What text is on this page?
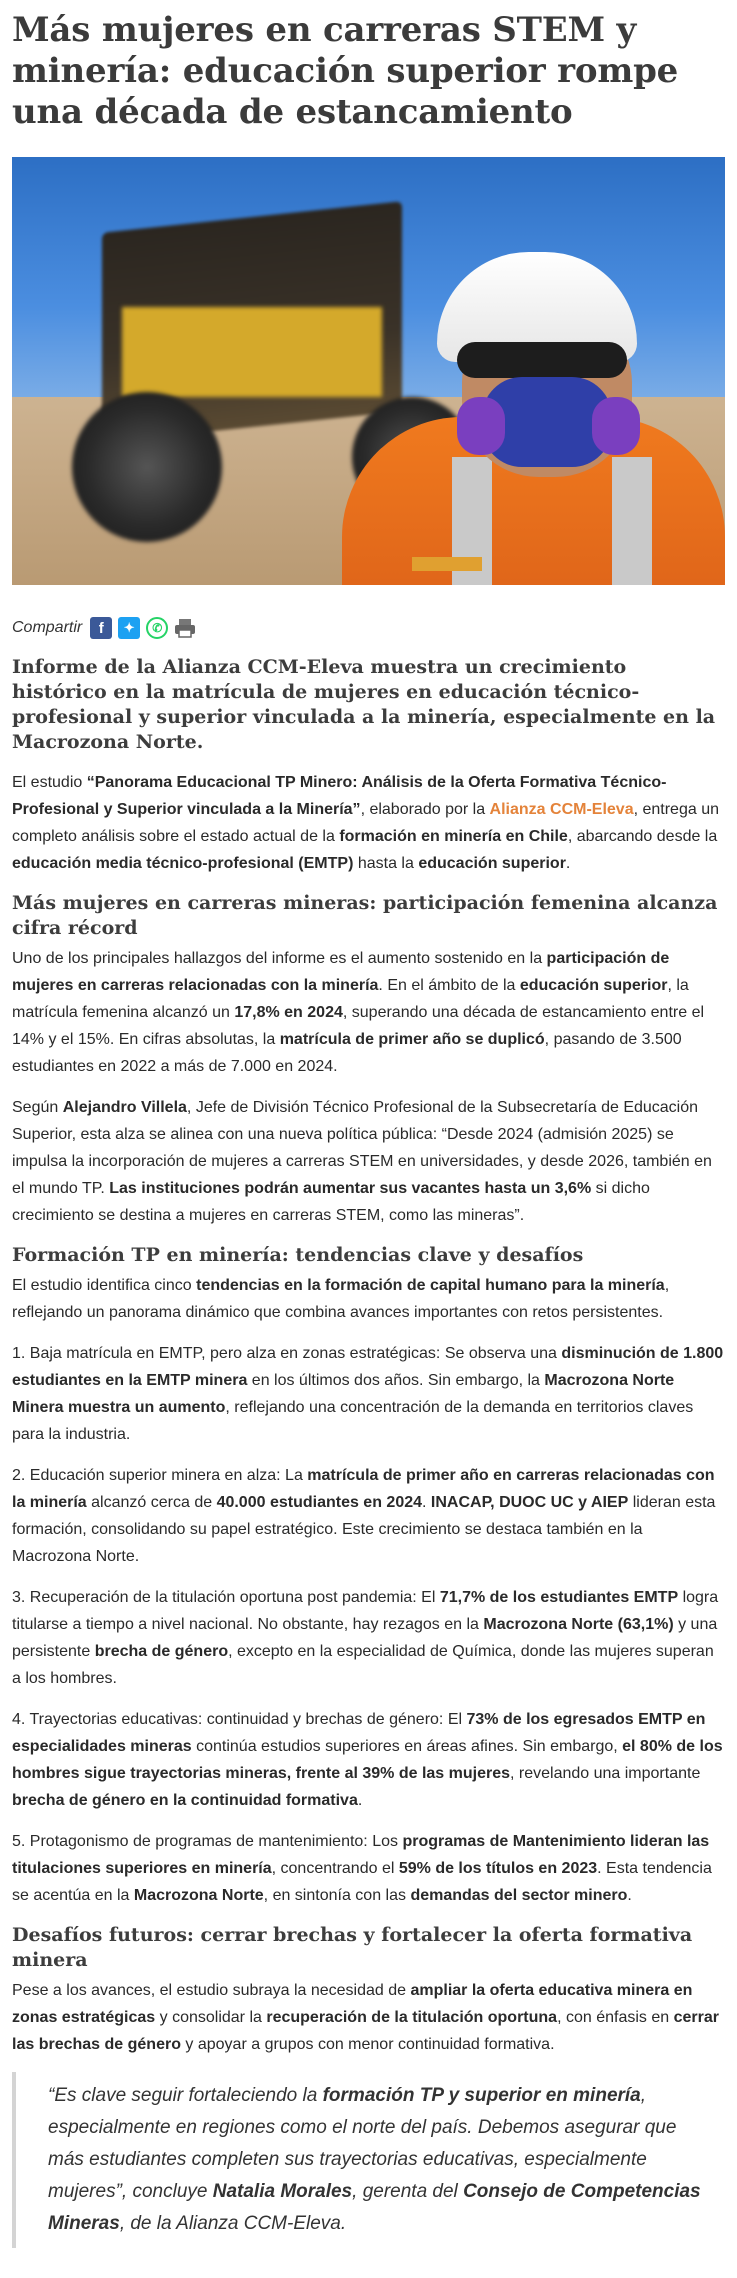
Más mujeres en carreras STEM y minería: educación superior rompe una década de estancamiento
Compartir	f	✦	✆
Informe de la Alianza CCM-Eleva muestra un crecimiento histórico en la matrícula de mujeres en educación técnico-profesional y superior vinculada a la minería, especialmente en la Macrozona Norte.

El estudio “Panorama Educacional TP Minero: Análisis de la Oferta Formativa Técnico-Profesional y Superior vinculada a la Minería”, elaborado por la Alianza CCM-Eleva, entrega un completo análisis sobre el estado actual de la formación en minería en Chile, abarcando desde la educación media técnico-profesional (EMTP) hasta la educación superior.

Más mujeres en carreras mineras: participación femenina alcanza cifra récord

Uno de los principales hallazgos del informe es el aumento sostenido en la participación de mujeres en carreras relacionadas con la minería. En el ámbito de la educación superior, la matrícula femenina alcanzó un 17,8% en 2024, superando una década de estancamiento entre el 14% y el 15%. En cifras absolutas, la matrícula de primer año se duplicó, pasando de 3.500 estudiantes en 2022 a más de 7.000 en 2024.

Según Alejandro Villela, Jefe de División Técnico Profesional de la Subsecretaría de Educación Superior, esta alza se alinea con una nueva política pública: “Desde 2024 (admisión 2025) se impulsa la incorporación de mujeres a carreras STEM en universidades, y desde 2026, también en el mundo TP. Las instituciones podrán aumentar sus vacantes hasta un 3,6% si dicho crecimiento se destina a mujeres en carreras STEM, como las mineras”.

Formación TP en minería: tendencias clave y desafíos

El estudio identifica cinco tendencias en la formación de capital humano para la minería, reflejando un panorama dinámico que combina avances importantes con retos persistentes.

1. Baja matrícula en EMTP, pero alza en zonas estratégicas: Se observa una disminución de 1.800 estudiantes en la EMTP minera en los últimos dos años. Sin embargo, la Macrozona Norte Minera muestra un aumento, reflejando una concentración de la demanda en territorios claves para la industria.

2. Educación superior minera en alza: La matrícula de primer año en carreras relacionadas con la minería alcanzó cerca de 40.000 estudiantes en 2024. INACAP, DUOC UC y AIEP lideran esta formación, consolidando su papel estratégico. Este crecimiento se destaca también en la Macrozona Norte.

3. Recuperación de la titulación oportuna post pandemia: El 71,7% de los estudiantes EMTP logra titularse a tiempo a nivel nacional. No obstante, hay rezagos en la Macrozona Norte (63,1%) y una persistente brecha de género, excepto en la especialidad de Química, donde las mujeres superan a los hombres.

4. Trayectorias educativas: continuidad y brechas de género: El 73% de los egresados EMTP en especialidades mineras continúa estudios superiores en áreas afines. Sin embargo, el 80% de los hombres sigue trayectorias mineras, frente al 39% de las mujeres, revelando una importante brecha de género en la continuidad formativa.

5. Protagonismo de programas de mantenimiento: Los programas de Mantenimiento lideran las titulaciones superiores en minería, concentrando el 59% de los títulos en 2023. Esta tendencia se acentúa en la Macrozona Norte, en sintonía con las demandas del sector minero.

Desafíos futuros: cerrar brechas y fortalecer la oferta formativa minera

Pese a los avances, el estudio subraya la necesidad de ampliar la oferta educativa minera en zonas estratégicas y consolidar la recuperación de la titulación oportuna, con énfasis en cerrar las brechas de género y apoyar a grupos con menor continuidad formativa.

“Es clave seguir fortaleciendo la formación TP y superior en minería, especialmente en regiones como el norte del país. Debemos asegurar que más estudiantes completen sus trayectorias educativas, especialmente mujeres”, concluye Natalia Morales, gerenta del Consejo de Competencias Mineras, de la Alianza CCM-Eleva.
